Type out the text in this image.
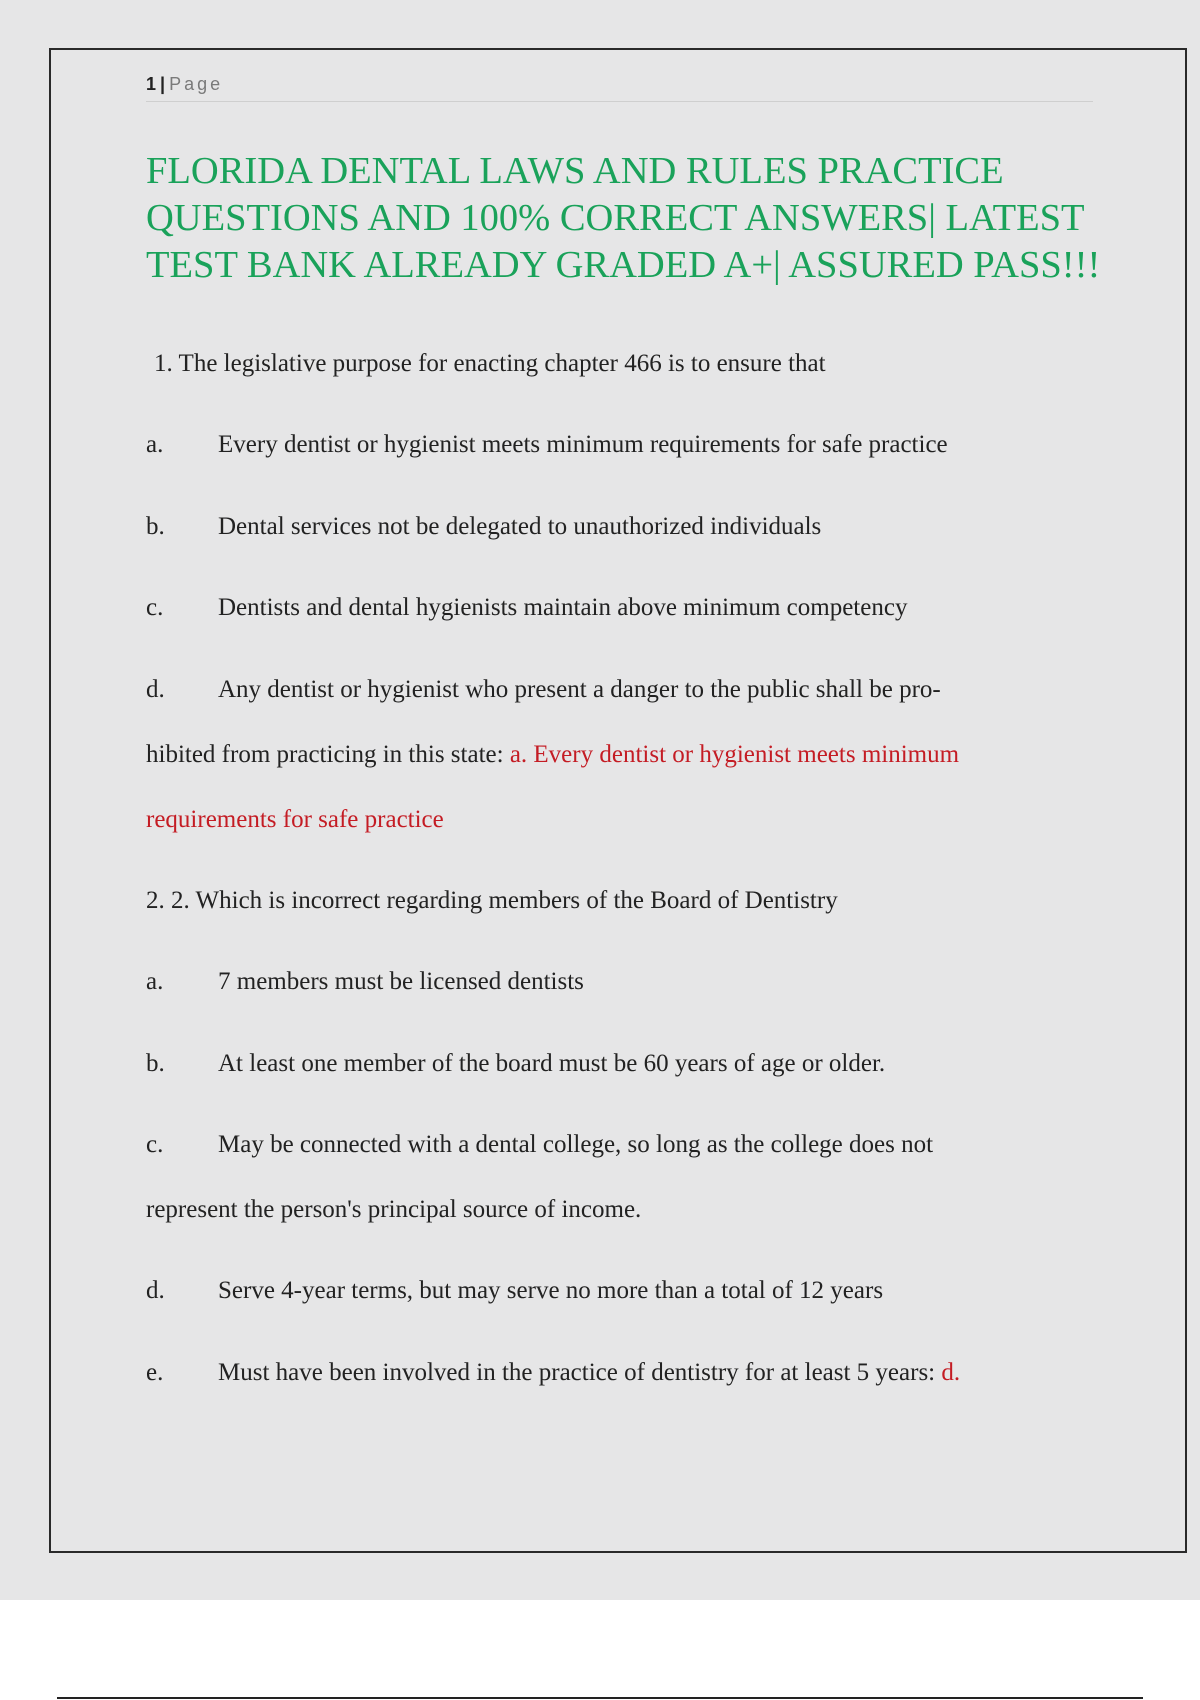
1 | Page
FLORIDA DENTAL LAWS AND RULES PRACTICE QUESTIONS AND 100% CORRECT ANSWERS| LATEST TEST BANK ALREADY GRADED A+| ASSURED PASS!!!
1. The legislative purpose for enacting chapter 466 is to ensure that
a. Every dentist or hygienist meets minimum requirements for safe practice
b. Dental services not be delegated to unauthorized individuals
c. Dentists and dental hygienists maintain above minimum competency
d. Any dentist or hygienist who present a danger to the public shall be pro-
hibited from practicing in this state: a. Every dentist or hygienist meets minimum
requirements for safe practice
2. 2. Which is incorrect regarding members of the Board of Dentistry
a. 7 members must be licensed dentists
b. At least one member of the board must be 60 years of age or older.
c. May be connected with a dental college, so long as the college does not
represent the person's principal source of income.
d. Serve 4-year terms, but may serve no more than a total of 12 years
e. Must have been involved in the practice of dentistry for at least 5 years: d.
